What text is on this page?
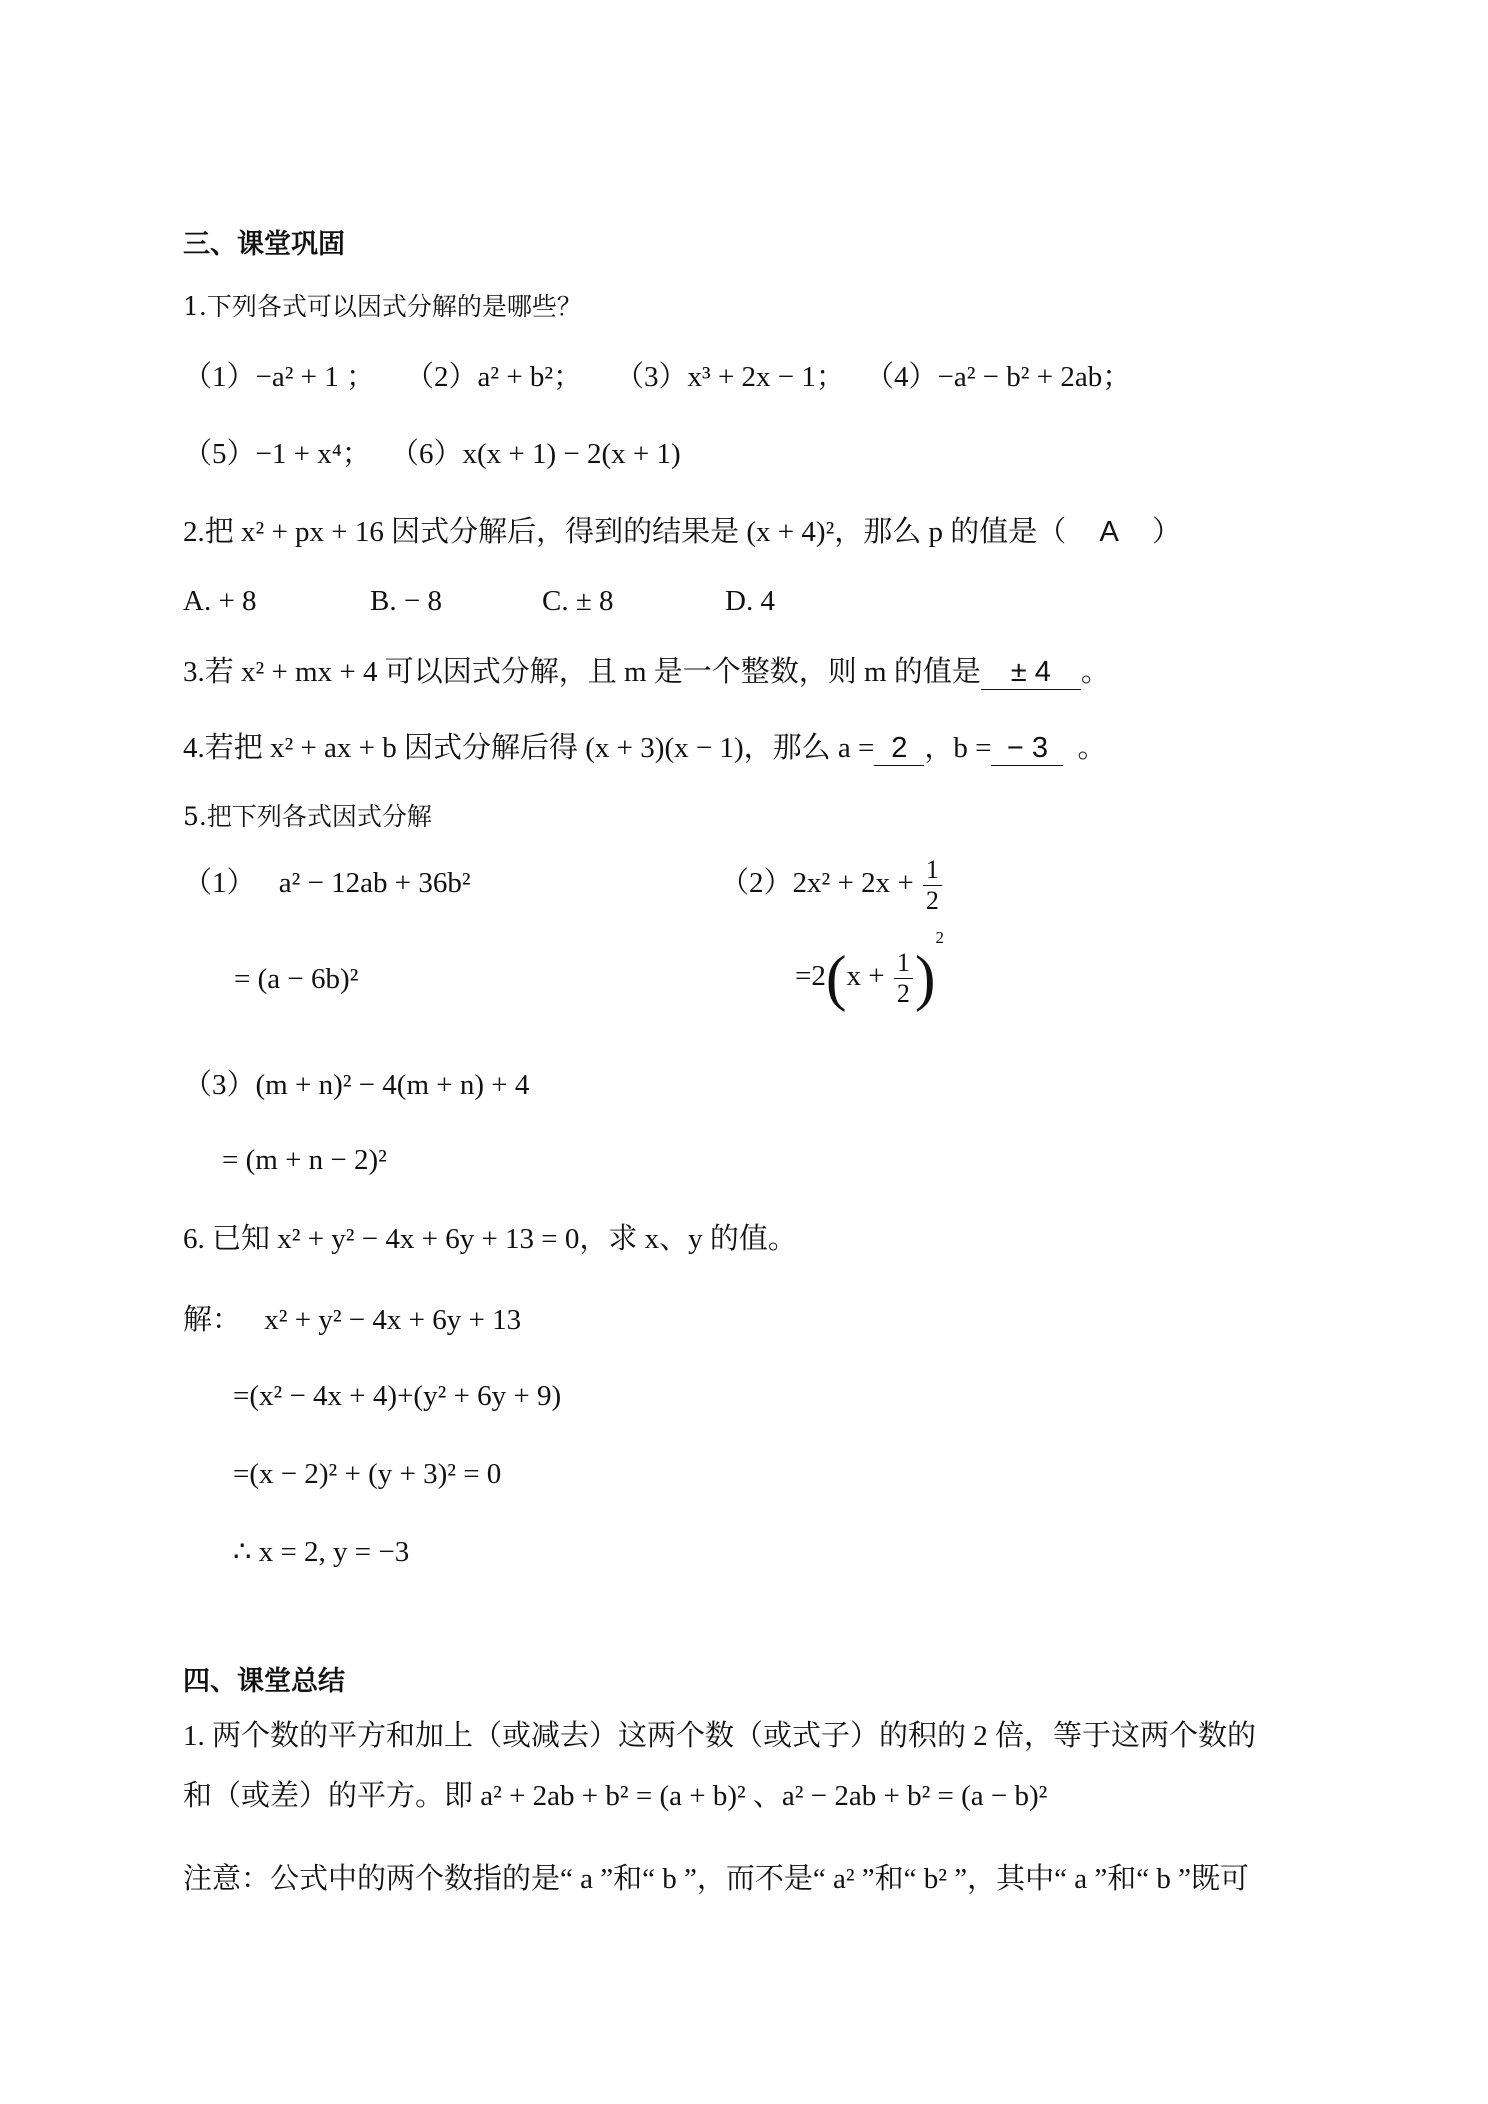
三、课堂巩固
1.下列各式可以因式分解的是哪些？
（1）−a² + 1 ； （2）a² + b²； （3）x³ + 2x − 1； （4）−a² − b² + 2ab；
（5）−1 + x⁴； （6）x(x + 1) − 2(x + 1)
2.把 x² + px + 16 因式分解后，得到的结果是 (x + 4)²，那么 p 的值是（ A ）
A. + 8	B. − 8	C. ± 8	D. 4
3.若 x² + mx + 4 可以因式分解，且 m 是一个整数，则 m 的值是 ± 4 。
4.若把 x² + ax + b 因式分解后得 (x + 3)(x − 1)，那么 a = 2 ，b = − 3 。
5.把下列各式因式分解
（1） a² − 12ab + 36b²
= (a − 6b)²
$(2)2x^2 + 2x + \frac{1}{2}$
$=2(x + \frac{1}{2} )^2$
（3）(m + n)² − 4(m + n) + 4
= (m + n − 2)²
6. 已知 x² + y² − 4x + 6y + 13 = 0，求 x、y 的值。
解： x² + y² − 4x + 6y + 13
=(x² − 4x + 4)+(y² + 6y + 9)
=(x − 2)² + (y + 3)² = 0
∴ x = 2, y = −3
四、课堂总结
1. 两个数的平方和加上（或减去）这两个数（或式子）的积的 2 倍，等于这两个数的
和（或差）的平方。即 a² + 2ab + b² = (a + b)² 、a² − 2ab + b² = (a − b)²
注意：公式中的两个数指的是“ a ”和“ b ”，而不是“ a² ”和“ b² ”，其中“ a ”和“ b ”既可
